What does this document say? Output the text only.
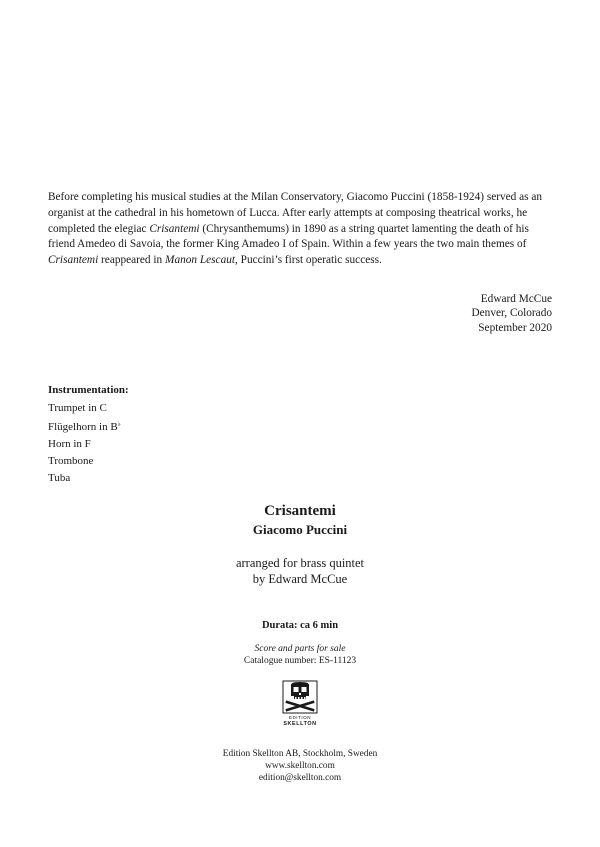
Before completing his musical studies at the Milan Conservatory, Giacomo Puccini (1858-1924) served as an organist at the cathedral in his hometown of Lucca. After early attempts at composing theatrical works, he completed the elegiac Crisantemi (Chrysanthemums) in 1890 as a string quartet lamenting the death of his friend Amedeo di Savoia, the former King Amadeo I of Spain. Within a few years the two main themes of Crisantemi reappeared in Manon Lescaut, Puccini’s first operatic success.

Edward McCue
Denver, Colorado
September 2020
Instrumentation:
Trumpet in C
Flügelhorn in B♭
Horn in F
Trombone
Tuba
Crisantemi
Giacomo Puccini
arranged for brass quintet
by Edward McCue
Durata: ca 6 min
Score and parts for sale
Catalogue number: ES-11123
EDITION
SKELLTON
Edition Skellton AB, Stockholm, Sweden
www.skellton.com
edition@skellton.com
